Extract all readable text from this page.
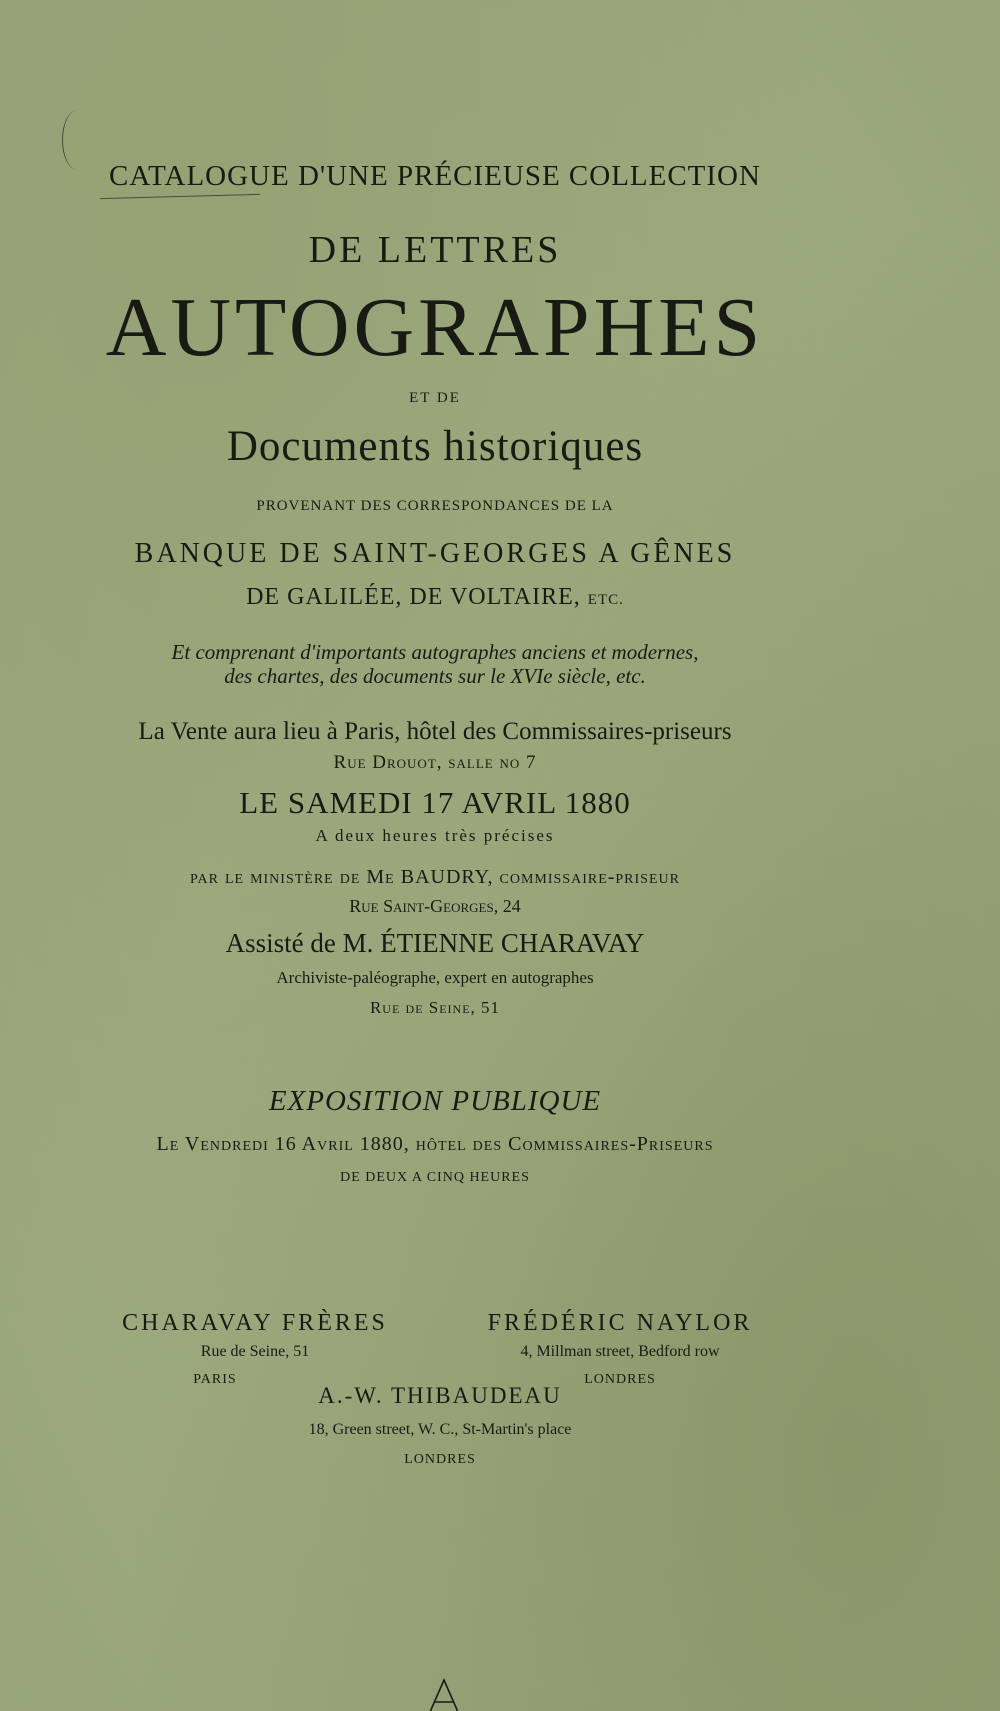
CATALOGUE D'UNE PRÉCIEUSE COLLECTION
DE LETTRES
AUTOGRAPHES
ET DE
Documents historiques
PROVENANT DES CORRESPONDANCES DE LA
BANQUE DE SAINT-GEORGES A GÊNES
DE GALILÉE, DE VOLTAIRE, ETC.
Et comprenant d'importants autographes anciens et modernes,
des chartes, des documents sur le XVIe siècle, etc.
La Vente aura lieu à Paris, hôtel des Commissaires-priseurs
Rue Drouot, salle no 7
LE SAMEDI 17 AVRIL 1880
A deux heures très précises
par le ministère de Me BAUDRY, commissaire-priseur
Rue Saint-Georges, 24
Assisté de M. ÉTIENNE CHARAVAY
Archiviste-paléographe, expert en autographes
Rue de Seine, 51
EXPOSITION PUBLIQUE
Le Vendredi 16 Avril 1880, hôtel des Commissaires-Priseurs
DE DEUX A CINQ HEURES
CHARAVAY FRÈRES
Rue de Seine, 51
PARIS
FRÉDÉRIC NAYLOR
4, Millman street, Bedford row
LONDRES
A.-W. THIBAUDEAU
18, Green street, W. C., St-Martin's place
LONDRES
